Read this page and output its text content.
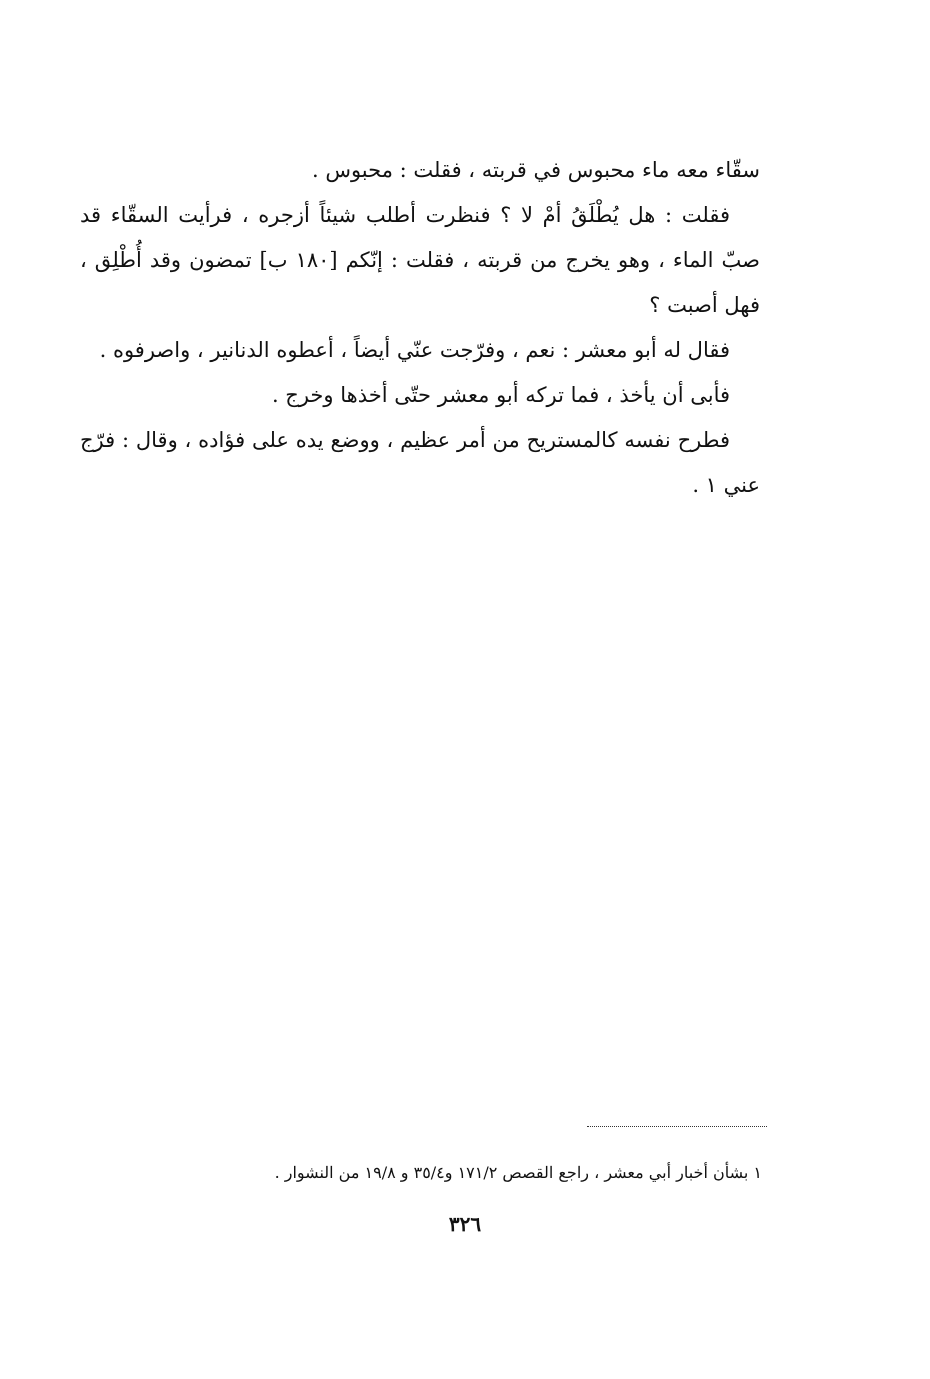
سقّاء معه ماء محبوس في قربته ، فقلت : محبوس .

فقلت : هل يُطْلَقُ أمْ لا ؟ فنظرت أطلب شيئاً أزجره ، فرأيت السقّاء قد صبّ الماء ، وهو يخرج من قربته ، فقلت : إنّكم [١٨٠ ب] تمضون وقد أُطْلِق ، فهل أصبت ؟

فقال له أبو معشر : نعم ، وفرّجت عنّي أيضاً ، أعطوه الدنانير ، واصرفوه .

فأبى أن يأخذ ، فما تركه أبو معشر حتّى أخذها وخرج .

فطرح نفسه كالمستريح من أمر عظيم ، ووضع يده على فؤاده ، وقال : فرّج عني ١ .

١ بشأن أخبار أبي معشر ، راجع القصص ١٧١/٢ و٣٥/٤ و ١٩/٨ من النشوار .
٣٢٦
